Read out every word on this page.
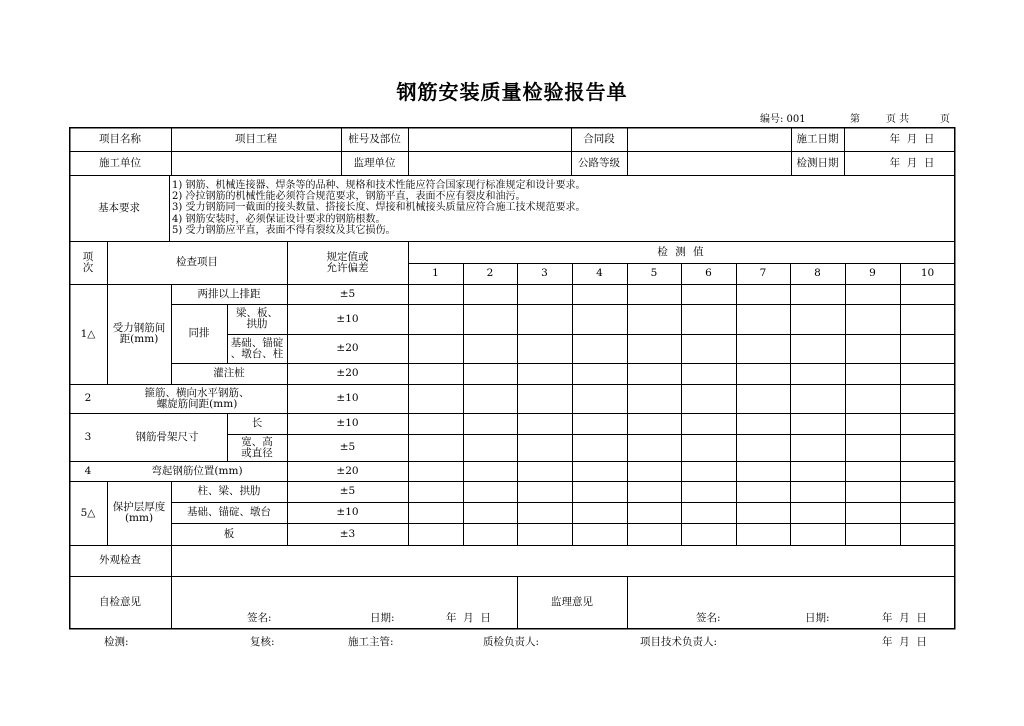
钢筋安装质量检验报告单
编号: 001	第	页 共	页
项目名称	项目工程	桩号及部位	合同段	施工日期	年  月  日
施工单位	监理单位	公路等级	检测日期	年  月  日
基本要求
1) 钢筋、机械连接器、焊条等的品种、规格和技术性能应符合国家现行标准规定和设计要求。
2) 冷拉钢筋的机械性能必须符合规范要求，钢筋平直，表面不应有裂皮和油污。
3) 受力钢筋同一截面的接头数量、搭接长度、焊接和机械接头质量应符合施工技术规范要求。
4) 钢筋安装时，必须保证设计要求的钢筋根数。
5) 受力钢筋应平直，表面不得有裂纹及其它损伤。
项
次	检查项目	规定值或
允许偏差
检 测 值
1	2	3	4	5	6	7	8	9	10
1△	受力钢筋间
距(mm)
两排以上排距	±5
同排
梁、板、
拱肋	±10
基础、锚碇
、墩台、柱	±20
灌注桩	±20
2	箍筋、横向水平钢筋、
螺旋筋间距(mm)	±10
3	钢筋骨架尺寸
长	±10
宽、高
或直径	±5
4	弯起钢筋位置(mm)	±20
5△	保护层厚度
(mm)
柱、梁、拱肋	±5
基础、锚碇、墩台	±10
板	±3
外观检查
自检意见	监理意见
签名:	日期:	年  月  日	签名:	日期:	年  月  日
检测:	复核:	施工主管:	质检负责人:	项目技术负责人:	年  月  日
